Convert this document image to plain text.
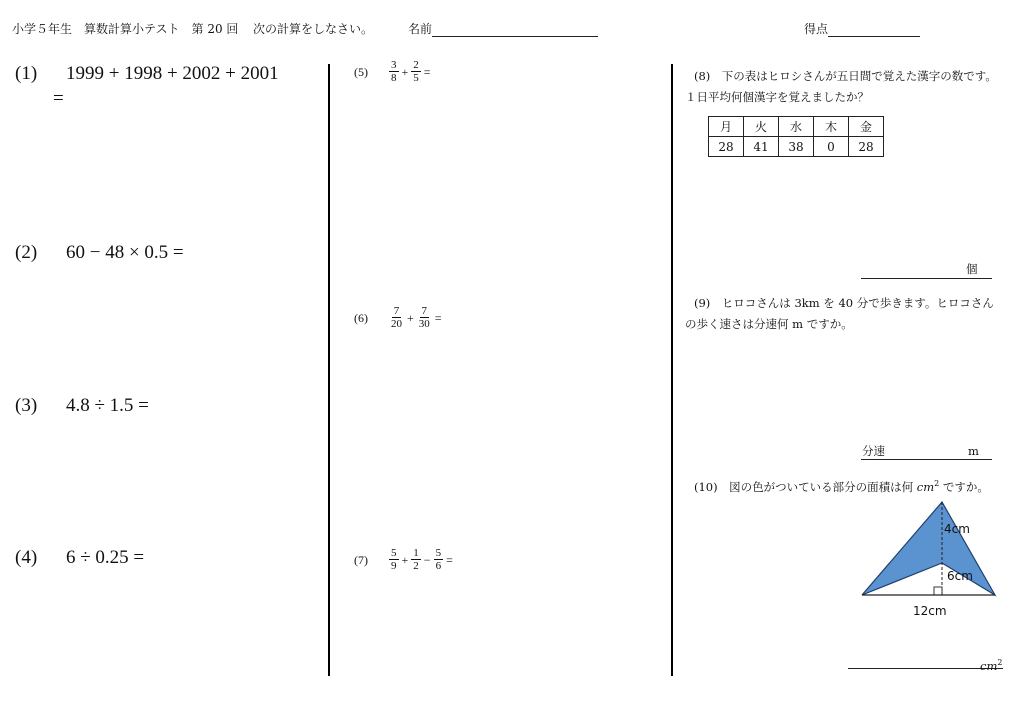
小学５年生　算数計算小テスト　第 20 回 次の計算をしなさい。	名前	得点
(1) 1999 + 1998 + 2002 + 2001
=
(2) 60 − 48 × 0.5 =
(3) 4.8 ÷ 1.5 =
(4) 6 ÷ 0.25 =
$(5) \frac{3}{8} + \frac{2}{5}$ =
$(6) \frac{7}{20} + \frac{7}{30}$ =
$(7) \frac{5}{9} + \frac{1}{2} - \frac{5}{6}$ =
(8)　 下の表はヒロシさんが五日間で覚えた漢字の数です。
１日平均何個漢字を覚えましたか？
月	火	水	木	金
28	41	38	0	28
個
(9)　 ヒロコさんは 3km を 40 分で歩きます。ヒロコさん
の歩く速さは分速何 m ですか。
分速	m
(10)　 図の色がついている部分の面積は何 $cm^2$ ですか。
4cm
6cm
12cm
$cm^2$
